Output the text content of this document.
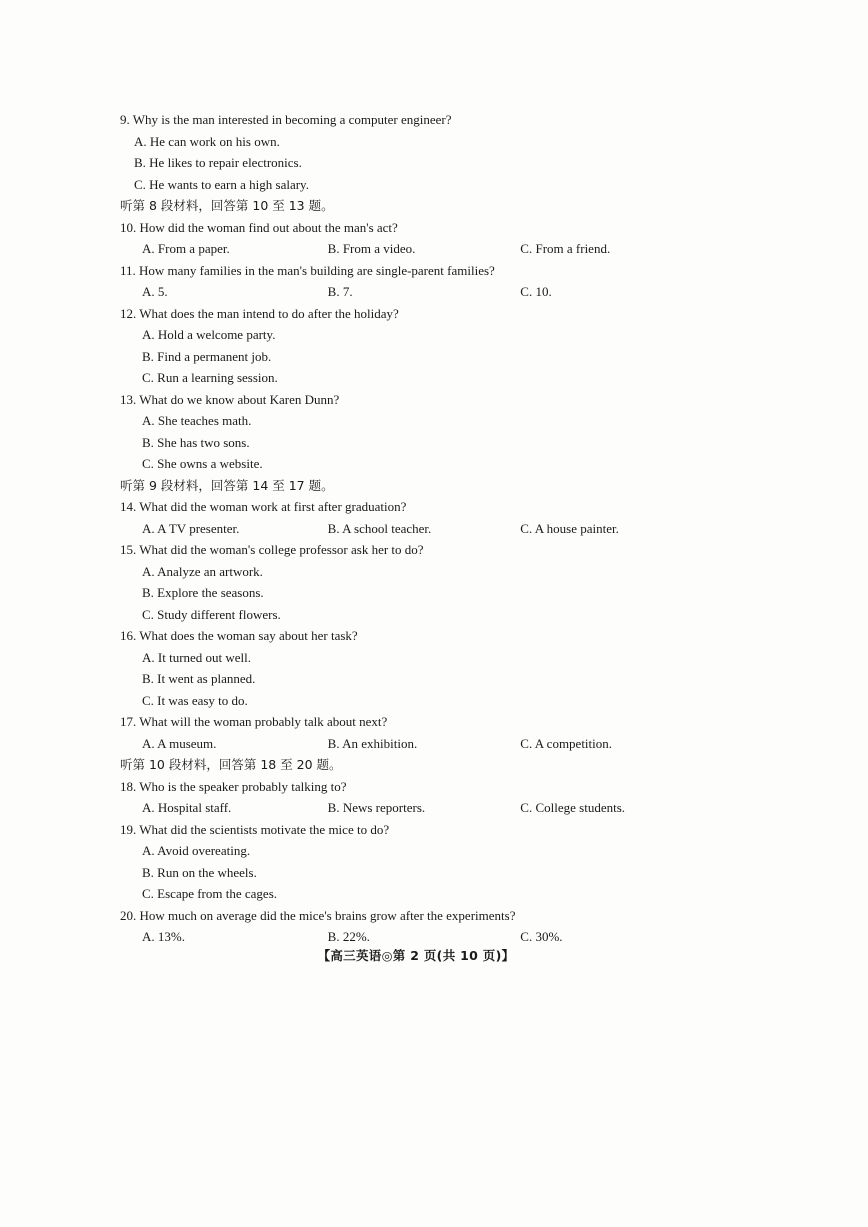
9. Why is the man interested in becoming a computer engineer?
A. He can work on his own.
B. He likes to repair electronics.
C. He wants to earn a high salary.
听第 8 段材料，回答第 10 至 13 题。
10. How did the woman find out about the man's act?
A. From a paper.	B. From a video.	C. From a friend.
11. How many families in the man's building are single-parent families?
A. 5.	B. 7.	C. 10.
12. What does the man intend to do after the holiday?
A. Hold a welcome party.
B. Find a permanent job.
C. Run a learning session.
13. What do we know about Karen Dunn?
A. She teaches math.
B. She has two sons.
C. She owns a website.
听第 9 段材料，回答第 14 至 17 题。
14. What did the woman work at first after graduation?
A. A TV presenter.	B. A school teacher.	C. A house painter.
15. What did the woman's college professor ask her to do?
A. Analyze an artwork.
B. Explore the seasons.
C. Study different flowers.
16. What does the woman say about her task?
A. It turned out well.
B. It went as planned.
C. It was easy to do.
17. What will the woman probably talk about next?
A. A museum.	B. An exhibition.	C. A competition.
听第 10 段材料，回答第 18 至 20 题。
18. Who is the speaker probably talking to?
A. Hospital staff.	B. News reporters.	C. College students.
19. What did the scientists motivate the mice to do?
A. Avoid overeating.
B. Run on the wheels.
C. Escape from the cages.
20. How much on average did the mice's brains grow after the experiments?
A. 13%.	B. 22%.	C. 30%.
【高三英语◎第 2 页(共 10 页)】
